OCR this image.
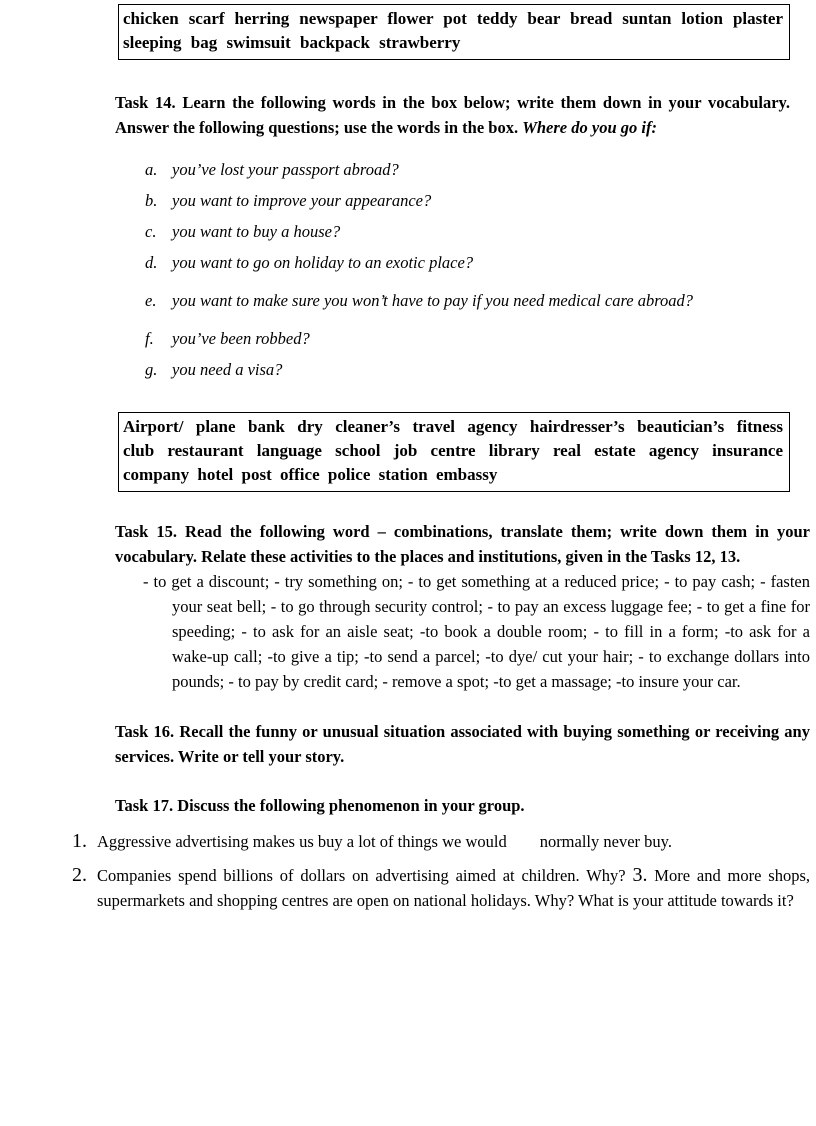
chicken scarf herring newspaper flower pot teddy bear bread suntan lotion plaster sleeping bag swimsuit backpack strawberry

Task 14. Learn the following words in the box below; write them down in your vocabulary. Answer the following questions; use the words in the box. Where do you go if:

a. you’ve lost your passport abroad?
b. you want to improve your appearance?
c. you want to buy a house?
d. you want to go on holiday to an exotic place?
e. you want to make sure you won’t have to pay if you need medical care abroad?
f.	you’ve been robbed?
g. you need a visa?
Airport/ plane bank dry cleaner’s travel agency hairdresser’s beautician’s fitness club restaurant language school job centre library real estate agency insurance company hotel post office police station embassy

Task 15. Read the following word – combinations, translate them; write down them in your vocabulary. Relate these activities to the places and institutions, given in the Tasks 12, 13.

- to get a discount; - try something on; - to get something at a reduced price; - to pay cash; - fasten your seat bell; - to go through security control; - to pay an excess luggage fee; - to get a fine for speeding; - to ask for an aisle seat; -to book a double room; - to fill in a form; -to ask for a wake-up call; -to give a tip; -to send a parcel; -to dye/ cut your hair; - to exchange dollars into pounds; - to pay by credit card; - remove a spot; -to get a massage; -to insure your car.

Task 16. Recall the funny or unusual situation associated with buying something or receiving any services. Write or tell your story.

Task 17. Discuss the following phenomenon in your group.

1. Aggressive advertising makes us buy a lot of things we would        normally never buy.
2. Companies spend billions of dollars on advertising aimed at children. Why? 3. More and more shops, supermarkets and shopping centres are open on national holidays. Why? What is your attitude towards it?
